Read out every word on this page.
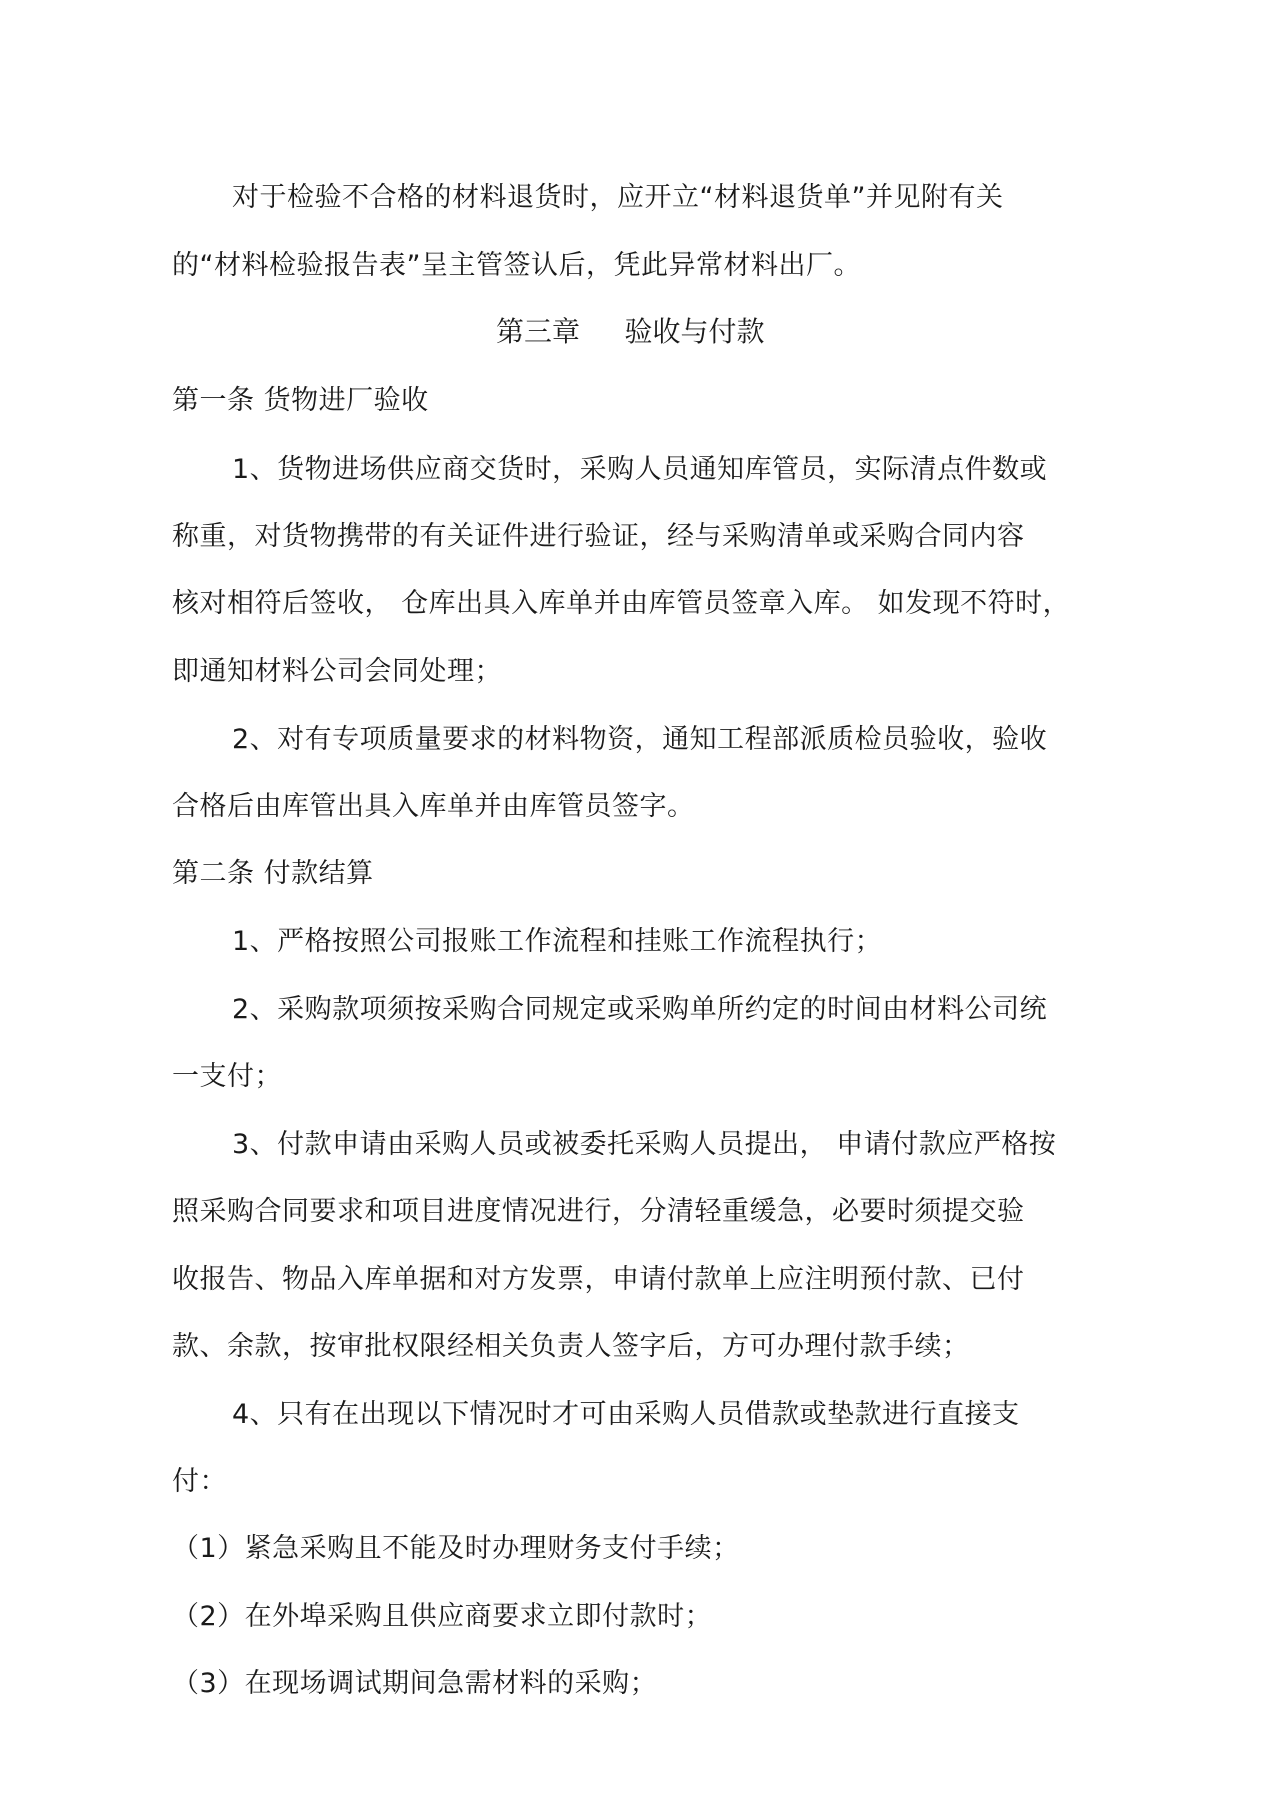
对于检验不合格的材料退货时，应开立“材料退货单”并见附有关
的“材料检验报告表”呈主管签认后，凭此异常材料出厂。
第三章     验收与付款
第一条 货物进厂验收
1、货物进场供应商交货时，采购人员通知库管员，实际清点件数或
称重，对货物携带的有关证件进行验证，经与采购清单或采购合同内容
核对相符后签收， 仓库出具入库单并由库管员签章入库。 如发现不符时，
即通知材料公司会同处理；
2、对有专项质量要求的材料物资，通知工程部派质检员验收，验收
合格后由库管出具入库单并由库管员签字。
第二条 付款结算
1、严格按照公司报账工作流程和挂账工作流程执行；
2、采购款项须按采购合同规定或采购单所约定的时间由材料公司统
一支付；
3、付款申请由采购人员或被委托采购人员提出， 申请付款应严格按
照采购合同要求和项目进度情况进行，分清轻重缓急，必要时须提交验
收报告、物品入库单据和对方发票，申请付款单上应注明预付款、已付
款、余款，按审批权限经相关负责人签字后，方可办理付款手续；
4、只有在出现以下情况时才可由采购人员借款或垫款进行直接支
付：
（1）紧急采购且不能及时办理财务支付手续；
（2）在外埠采购且供应商要求立即付款时；
（3）在现场调试期间急需材料的采购；
